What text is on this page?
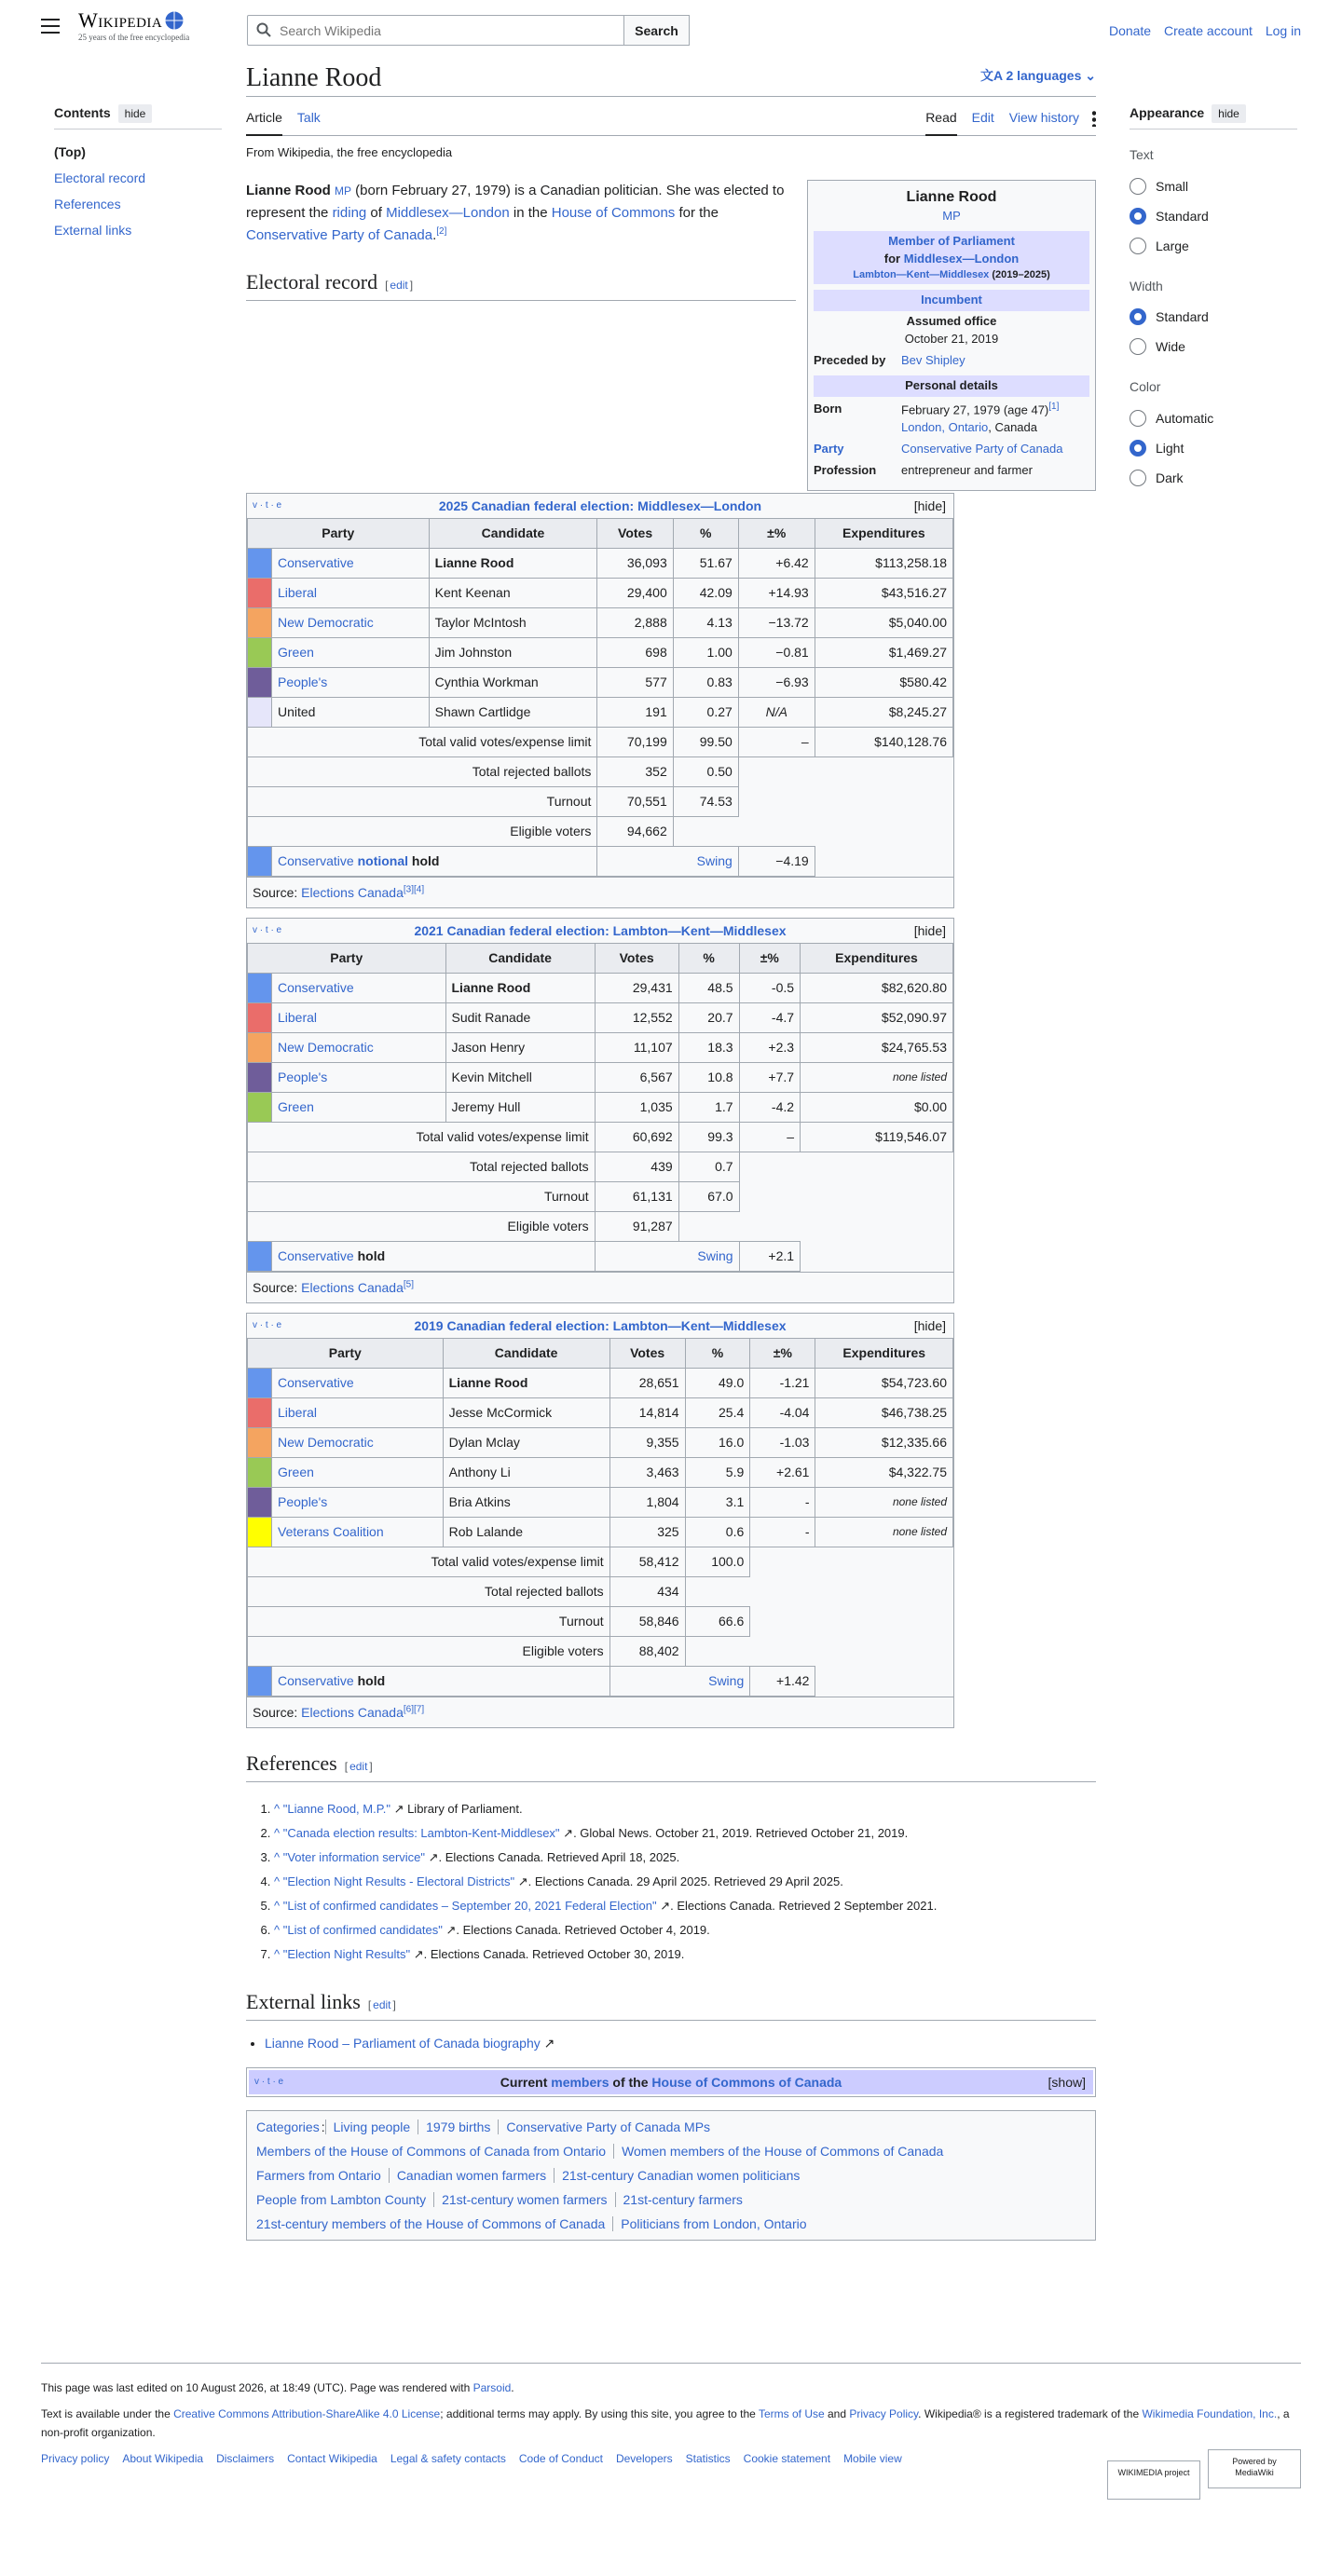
Wikipedia
25 years of the free encyclopedia
Search Wikipedia	Search	Donate Create account Log in
Contents hide
(Top)
Electoral record
References
External links
Lianne Rood	文A 2 languages ⌄
Article Talk	Read Edit View history
From Wikipedia, the free encyclopedia

Lianne Rood MP (born February 27, 1979) is a Canadian politician. She was elected to represent the riding of Middlesex—London in the House of Commons for the Conservative Party of Canada.[2]

Electoral record [ edit ]
Lianne Rood
MP
Member of Parliament
for Middlesex—London
Lambton—Kent—Middlesex (2019–2025)
Incumbent
Assumed office
October 21, 2019
Preceded by	Bev Shipley
Personal details
Born	February 27, 1979 (age 47)[1]
London, Ontario, Canada
Party	Conservative Party of Canada
Profession	entrepreneur and farmer
v · t · e	2025 Canadian federal election: Middlesex—London	[hide]
Party		Candidate	Votes	%	±%	Expenditures
	Conservative	Lianne Rood	36,093	51.67	+6.42	$113,258.18
	Liberal	Kent Keenan	29,400	42.09	+14.93	$43,516.27
	New Democratic	Taylor McIntosh	2,888	4.13	−13.72	$5,040.00
	Green	Jim Johnston	698	1.00	−0.81	$1,469.27
	People's	Cynthia Workman	577	0.83	−6.93	$580.42
	United	Shawn Cartlidge	191	0.27	N/A	$8,245.27
Total valid votes/expense limit			70,199	99.50	–	$140,128.76
Total rejected ballots			352	0.50		
Turnout			70,551	74.53		
Eligible voters			94,662			
	Conservative notional hold		Swing		−4.19	
Source: Elections Canada[3][4]
v · t · e	2021 Canadian federal election: Lambton—Kent—Middlesex	[hide]
Party		Candidate	Votes	%	±%	Expenditures
	Conservative	Lianne Rood	29,431	48.5	-0.5	$82,620.80
	Liberal	Sudit Ranade	12,552	20.7	-4.7	$52,090.97
	New Democratic	Jason Henry	11,107	18.3	+2.3	$24,765.53
	People's	Kevin Mitchell	6,567	10.8	+7.7	none listed
	Green	Jeremy Hull	1,035	1.7	-4.2	$0.00
Total valid votes/expense limit			60,692	99.3	–	$119,546.07
Total rejected ballots			439	0.7		
Turnout			61,131	67.0		
Eligible voters			91,287			
	Conservative hold		Swing		+2.1	
Source: Elections Canada[5]
v · t · e	2019 Canadian federal election: Lambton—Kent—Middlesex	[hide]
Party		Candidate	Votes	%	±%	Expenditures
	Conservative	Lianne Rood	28,651	49.0	-1.21	$54,723.60
	Liberal	Jesse McCormick	14,814	25.4	-4.04	$46,738.25
	New Democratic	Dylan Mclay	9,355	16.0	-1.03	$12,335.66
	Green	Anthony Li	3,463	5.9	+2.61	$4,322.75
	People's	Bria Atkins	1,804	3.1	-	none listed
	Veterans Coalition	Rob Lalande	325	0.6	-	none listed
Total valid votes/expense limit			58,412	100.0		
Total rejected ballots			434			
Turnout			58,846	66.6		
Eligible voters			88,402			
	Conservative hold		Swing		+1.42	
Source: Elections Canada[6][7]
References [ edit ]
1. ^ "Lianne Rood, M.P." ↗ Library of Parliament.
2. ^ "Canada election results: Lambton-Kent-Middlesex" ↗. Global News. October 21, 2019. Retrieved October 21, 2019.
3. ^ "Voter information service" ↗. Elections Canada. Retrieved April 18, 2025.
4. ^ "Election Night Results - Electoral Districts" ↗. Elections Canada. 29 April 2025. Retrieved 29 April 2025.
5. ^ "List of confirmed candidates – September 20, 2021 Federal Election" ↗. Elections Canada. Retrieved 2 September 2021.
6. ^ "List of confirmed candidates" ↗. Elections Canada. Retrieved October 4, 2019.
7. ^ "Election Night Results" ↗. Elections Canada. Retrieved October 30, 2019.
External links [ edit ]
• Lianne Rood – Parliament of Canada biography ↗
v · t · e	Current members of the House of Commons of Canada	[show]
Categories : Living people 1979 births Conservative Party of Canada MPs
Members of the House of Commons of Canada from Ontario Women members of the House of Commons of Canada
Farmers from Ontario Canadian women farmers 21st-century Canadian women politicians
People from Lambton County 21st-century women farmers 21st-century farmers
21st-century members of the House of Commons of Canada Politicians from London, Ontario
Appearance hide
Text
Small
Standard
Large
Width
Standard
Wide
Color
Automatic
Light
Dark

This page was last edited on 10 August 2026, at 18:49 (UTC). Page was rendered with Parsoid.

Text is available under the Creative Commons Attribution-ShareAlike 4.0 License; additional terms may apply. By using this site, you agree to the Terms of Use and Privacy Policy. Wikipedia® is a registered trademark of the Wikimedia Foundation, Inc., a non-profit organization.

Privacy policy About Wikipedia Disclaimers Contact Wikipedia Legal & safety contacts Code of Conduct Developers Statistics Cookie statement Mobile view
WIKIMEDIA projectPowered by MediaWiki
